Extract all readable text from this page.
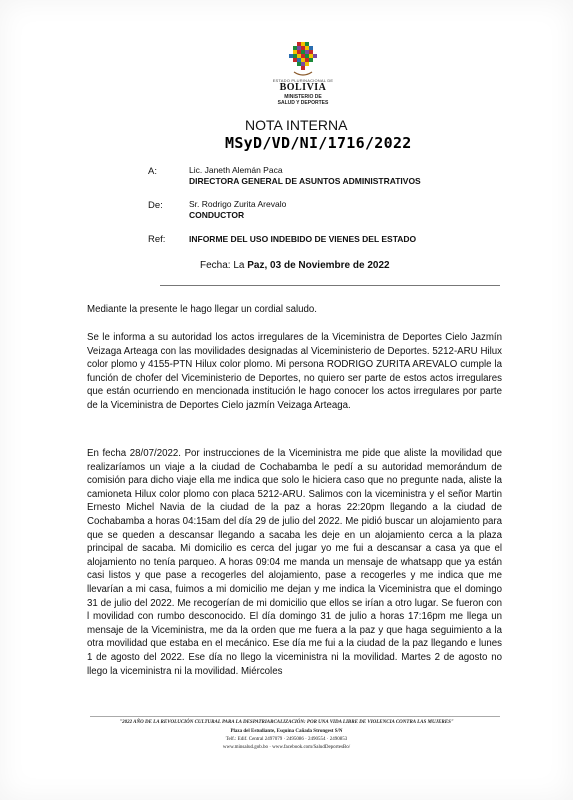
ESTADO PLURINACIONAL DE
BOLIVIA
MINISTERIO DE
SALUD Y DEPORTES
NOTA INTERNA
MSyD/VD/NI/1716/2022
A:	Lic. Janeth Alemán Paca
DIRECTORA GENERAL DE ASUNTOS ADMINISTRATIVOS
De:	Sr. Rodrigo Zurita Arevalo
CONDUCTOR
Ref:	INFORME DEL USO INDEBIDO DE VIENES DEL ESTADO
Fecha: La Paz, 03 de Noviembre de 2022
Mediante la presente le hago llegar un cordial saludo.
Se le informa a su autoridad los actos irregulares de la Viceministra de Deportes Cielo Jazmín Veizaga Arteaga con las movilidades designadas al Viceministerio de Deportes. 5212-ARU Hilux color plomo y 4155-PTN Hilux color plomo. Mi persona RODRIGO ZURITA AREVALO cumple la función de chofer del Viceministerio de Deportes, no quiero ser parte de estos actos irregulares que están ocurriendo en mencionada institución le hago conocer los actos irregulares por parte de la Viceministra de Deportes Cielo jazmín Veizaga Arteaga.
En fecha 28/07/2022. Por instrucciones de la Viceministra me pide que aliste la movilidad que realizaríamos un viaje a la ciudad de Cochabamba le pedí a su autoridad memorándum de comisión para dicho viaje ella me indica que solo le hiciera caso que no pregunte nada, aliste la camioneta Hilux color plomo con placa 5212-ARU. Salimos con la viceministra y el señor Martin Ernesto Michel Navia de la ciudad de la paz a horas 22:20pm llegando a la ciudad de Cochabamba a horas 04:15am del día 29 de julio del 2022. Me pidió buscar un alojamiento para que se queden a descansar llegando a sacaba les deje en un alojamiento cerca a la plaza principal de sacaba. Mi domicilio es cerca del jugar yo me fui a descansar a casa ya que el alojamiento no tenía parqueo. A horas 09:04 me manda un mensaje de whatsapp que ya están casi listos y que pase a recogerles del alojamiento, pase a recogerles y me indica que me llevarían a mi casa, fuimos a mi domicilio me dejan y me indica la Viceministra que el domingo 31 de julio del 2022. Me recogerían de mi domicilio que ellos se irían a otro lugar. Se fueron con l movilidad con rumbo desconocido. El día domingo 31 de julio a horas 17:16pm me llega un mensaje de la Viceministra, me da la orden que me fuera a la paz y que haga seguimiento a la otra movilidad que estaba en el mecánico. Ese día me fui a la ciudad de la paz llegando e lunes 1 de agosto del 2022. Ese día no llego la viceministra ni la movilidad. Martes 2 de agosto no llego la viceministra ni la movilidad. Miércoles
"2022 AÑO DE LA REVOLUCIÓN CULTURAL PARA LA DESPATRIARCALIZACIÓN: POR UNA VIDA LIBRE DE VIOLENCIA CONTRA LAS MUJERES"
Plaza del Estudiante, Esquina Cañada Strongest S/N
Telf.: Edif. Central 2497079 · 2495086 · 2490554 · 2490853
www.minsalud.gob.bo · www.facebook.com/SaludDeportesBo/
